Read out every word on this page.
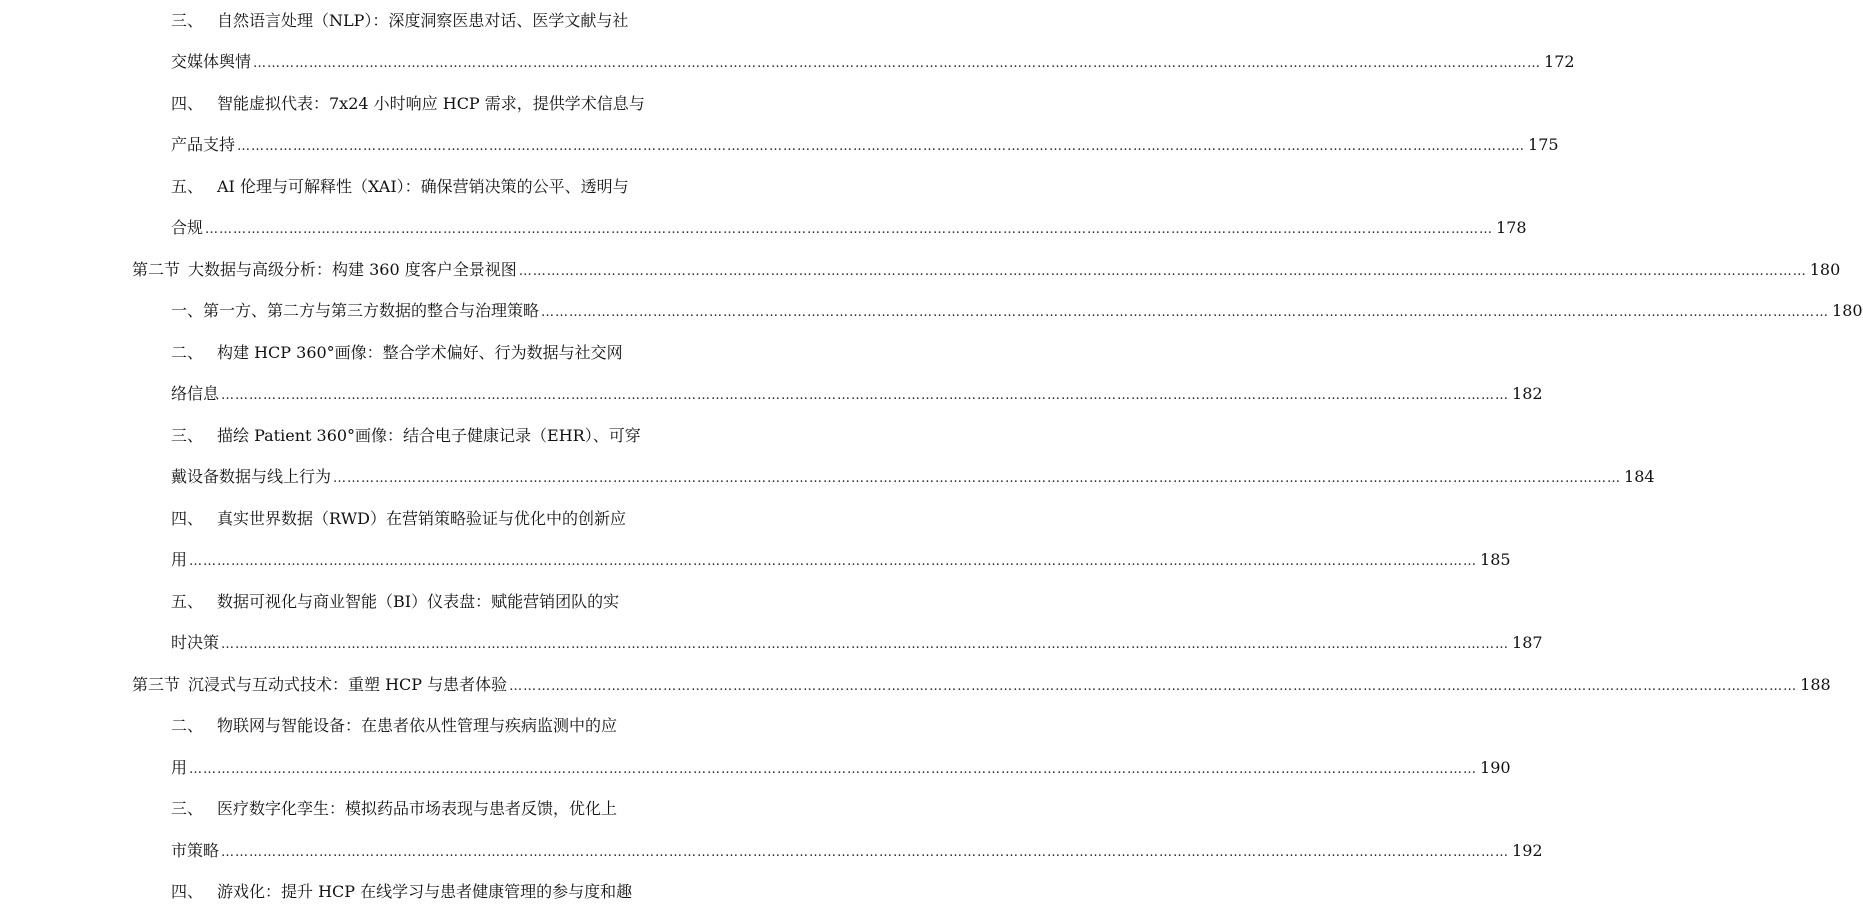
三、 自然语言处理（NLP）：深度洞察医患对话、医学文献与社
交媒体舆情 …………………………………………………………………………………………………………………………………………………………………………………………………………………………………………………… 172
四、 智能虚拟代表：7x24 小时响应 HCP 需求，提供学术信息与
产品支持 …………………………………………………………………………………………………………………………………………………………………………………………………………………………………………………… 175
五、 AI 伦理与可解释性（XAI）：确保营销决策的公平、透明与
合规 …………………………………………………………………………………………………………………………………………………………………………………………………………………………………………………… 178
第二节 大数据与高级分析：构建 360 度客户全景视图 …………………………………………………………………………………………………………………………………………………………………………………………………………………………………………………… 180
一、 第一方、第二方与第三方数据的整合与治理策略 …………………………………………………………………………………………………………………………………………………………………………………………………………………………………………………… 180
二、 构建 HCP 360°画像：整合学术偏好、行为数据与社交网
络信息 …………………………………………………………………………………………………………………………………………………………………………………………………………………………………………………… 182
三、 描绘 Patient 360°画像：结合电子健康记录（EHR）、可穿
戴设备数据与线上行为 …………………………………………………………………………………………………………………………………………………………………………………………………………………………………………………… 184
四、 真实世界数据（RWD）在营销策略验证与优化中的创新应
用 …………………………………………………………………………………………………………………………………………………………………………………………………………………………………………………… 185
五、 数据可视化与商业智能（BI）仪表盘：赋能营销团队的实
时决策 …………………………………………………………………………………………………………………………………………………………………………………………………………………………………………………… 187
第三节 沉浸式与互动式技术：重塑 HCP 与患者体验 …………………………………………………………………………………………………………………………………………………………………………………………………………………………………………………… 188
二、 物联网与智能设备：在患者依从性管理与疾病监测中的应
用 …………………………………………………………………………………………………………………………………………………………………………………………………………………………………………………… 190
三、 医疗数字化孪生：模拟药品市场表现与患者反馈，优化上
市策略 …………………………………………………………………………………………………………………………………………………………………………………………………………………………………………………… 192
四、 游戏化：提升 HCP 在线学习与患者健康管理的参与度和趣
